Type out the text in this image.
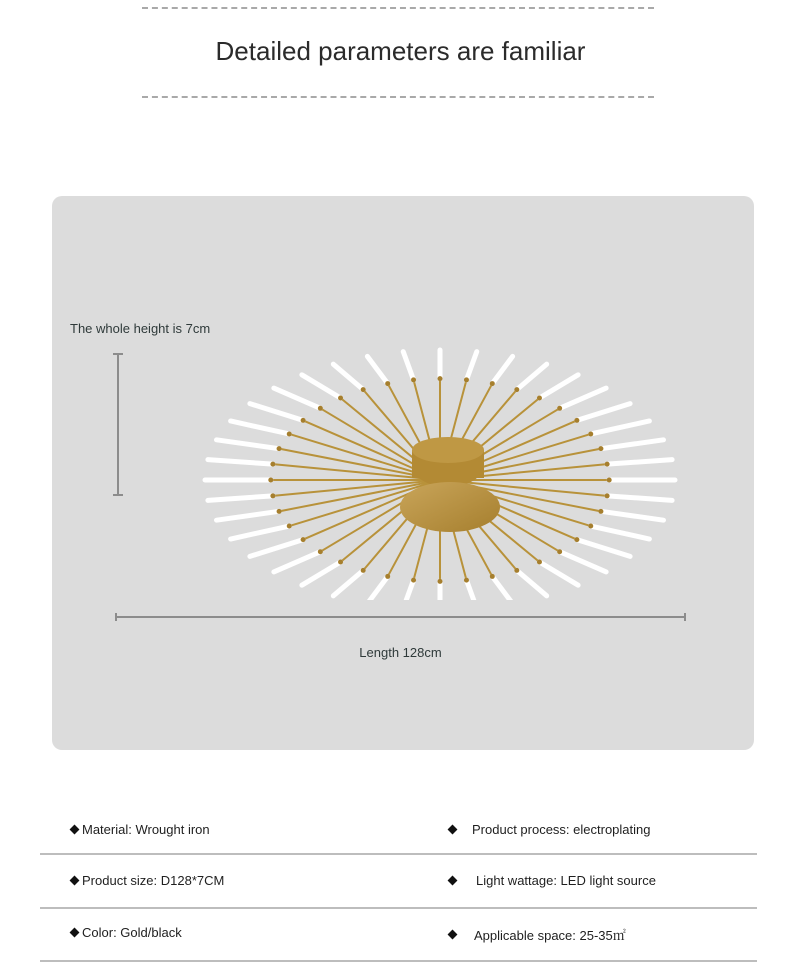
Detailed parameters are familiar
The whole height is 7cm
Length 128cm
Material: Wrought iron	Product process: electroplating
Product size: D128*7CM	Light wattage: LED light source
Color: Gold/black	Applicable space: 25-35㎡
